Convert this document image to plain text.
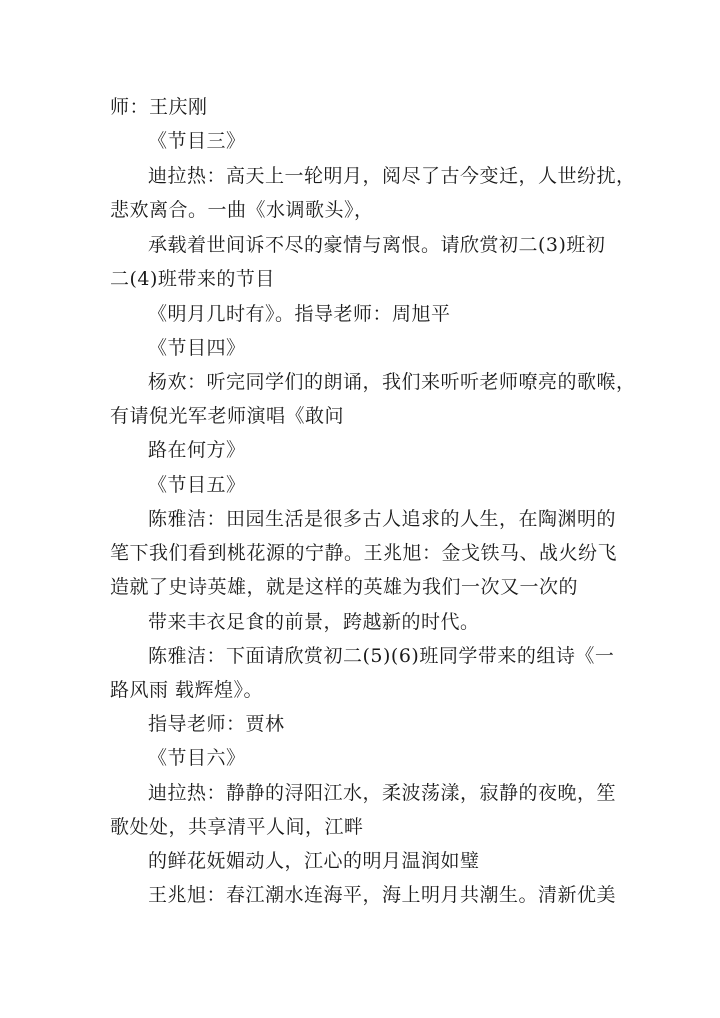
师：王庆刚
《节目三》
迪拉热：高天上一轮明月，阅尽了古今变迁，人世纷扰，
悲欢离合。一曲《水调歌头》，
承载着世间诉不尽的豪情与离恨。请欣赏初二(3)班初
二(4)班带来的节目
《明月几时有》。指导老师：周旭平
《节目四》
杨欢：听完同学们的朗诵，我们来听听老师嘹亮的歌喉，
有请倪光军老师演唱《敢问
路在何方》
《节目五》
陈雅洁：田园生活是很多古人追求的人生，在陶渊明的
笔下我们看到桃花源的宁静。王兆旭：金戈铁马、战火纷飞
造就了史诗英雄，就是这样的英雄为我们一次又一次的
带来丰衣足食的前景，跨越新的时代。
陈雅洁：下面请欣赏初二(5)(6)班同学带来的组诗《一
路风雨 载辉煌》。
指导老师：贾林
《节目六》
迪拉热：静静的浔阳江水，柔波荡漾，寂静的夜晚，笙
歌处处，共享清平人间，江畔
的鲜花妩媚动人，江心的明月温润如璧
王兆旭：春江潮水连海平，海上明月共潮生。清新优美
